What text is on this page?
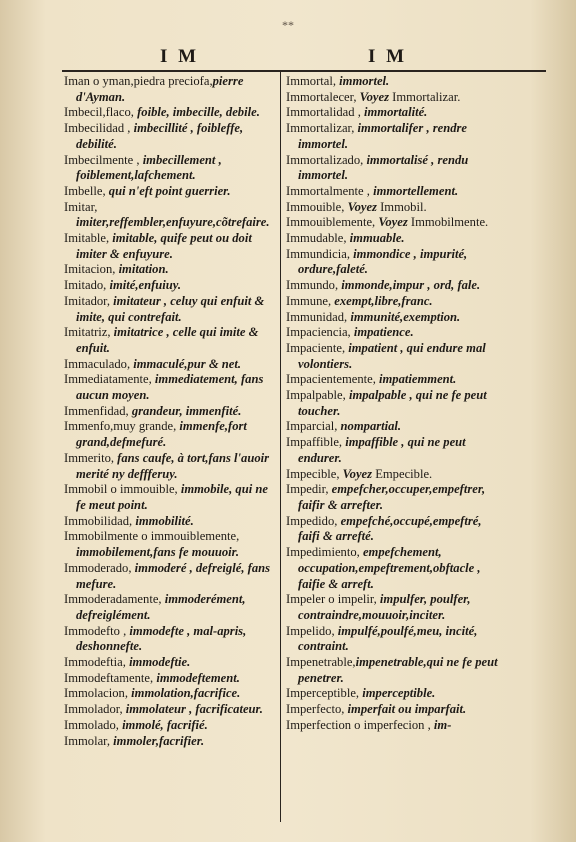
**
I M	I M

Iman o yman,piedra preciofa,pierre d'Ayman.

Imbecil,flaco, foible, imbecille, debile.

Imbecilidad , imbecillité , foibleffe, debilité.

Imbecilmente , imbecillement , foiblement,lafchement.

Imbelle, qui n'eft point guerrier.

Imitar, imiter,reffembler,enfuyure,cõtrefaire.

Imitable, imitable, quife peut ou doit imiter & enfuyure.

Imitacion, imitation.

Imitado, imité,enfuiuy.

Imitador, imitateur , celuy qui enfuit & imite, qui contrefait.

Imitatriz, imitatrice , celle qui imite & enfuit.

Immaculado, immaculé,pur & net.

Immediatamente, immediatement, fans aucun moyen.

Immenfidad, grandeur, immenfité.

Immenfo,muy grande, immenfe,fort grand,defmefuré.

Immerito, fans caufe, à tort,fans l'auoir merité ny deffferuy.

Immobil o immouible, immobile, qui ne fe meut point.

Immobilidad, immobilité.

Immobilmente o immouiblemente, immobilement,fans fe mouuoir.

Immoderado, immoderé , defreiglé, fans mefure.

Immoderadamente, immoderément, defreiglément.

Immodefto , immodefte , mal-apris, deshonnefte.

Immodeftia, immodeftie.

Immodeftamente, immodeftement.

Immolacion, immolation,facrifice.

Immolador, immolateur , facrificateur.

Immolado, immolé, facrifié.

Immolar, immoler,facrifier.

Immortal, immortel.

Immortalecer, Voyez Immortalizar.

Immortalidad , immortalité.

Immortalizar, immortalifer , rendre immortel.

Immortalizado, immortalisé , rendu immortel.

Immortalmente , immortellement.

Immouible, Voyez Immobil.

Immouiblemente, Voyez Immobilmente.

Immudable, immuable.

Immundicia, immondice , impurité, ordure,faleté.

Immundo, immonde,impur , ord, fale.

Immune, exempt,libre,franc.

Immunidad, immunité,exemption.

Impaciencia, impatience.

Impaciente, impatient , qui endure mal volontiers.

Impacientemente, impatiemment.

Impalpable, impalpable , qui ne fe peut toucher.

Imparcial, nompartial.

Impaffible, impaffible , qui ne peut endurer.

Impecible, Voyez Empecible.

Impedir, empefcher,occuper,empeftrer, faifir & arrefter.

Impedido, empefché,occupé,empeftré, faifi & arrefté.

Impedimiento, empefchement, occupation,empeftrement,obftacle , faifie & arreft.

Impeler o impelir, impulfer, poulfer, contraindre,mouuoir,inciter.

Impelido, impulfé,poulfé,meu, incité, contraint.

Impenetrable,impenetrable,qui ne fe peut penetrer.

Imperceptible, imperceptible.

Imperfecto, imperfait ou imparfait.

Imperfection o imperfecion , im-
